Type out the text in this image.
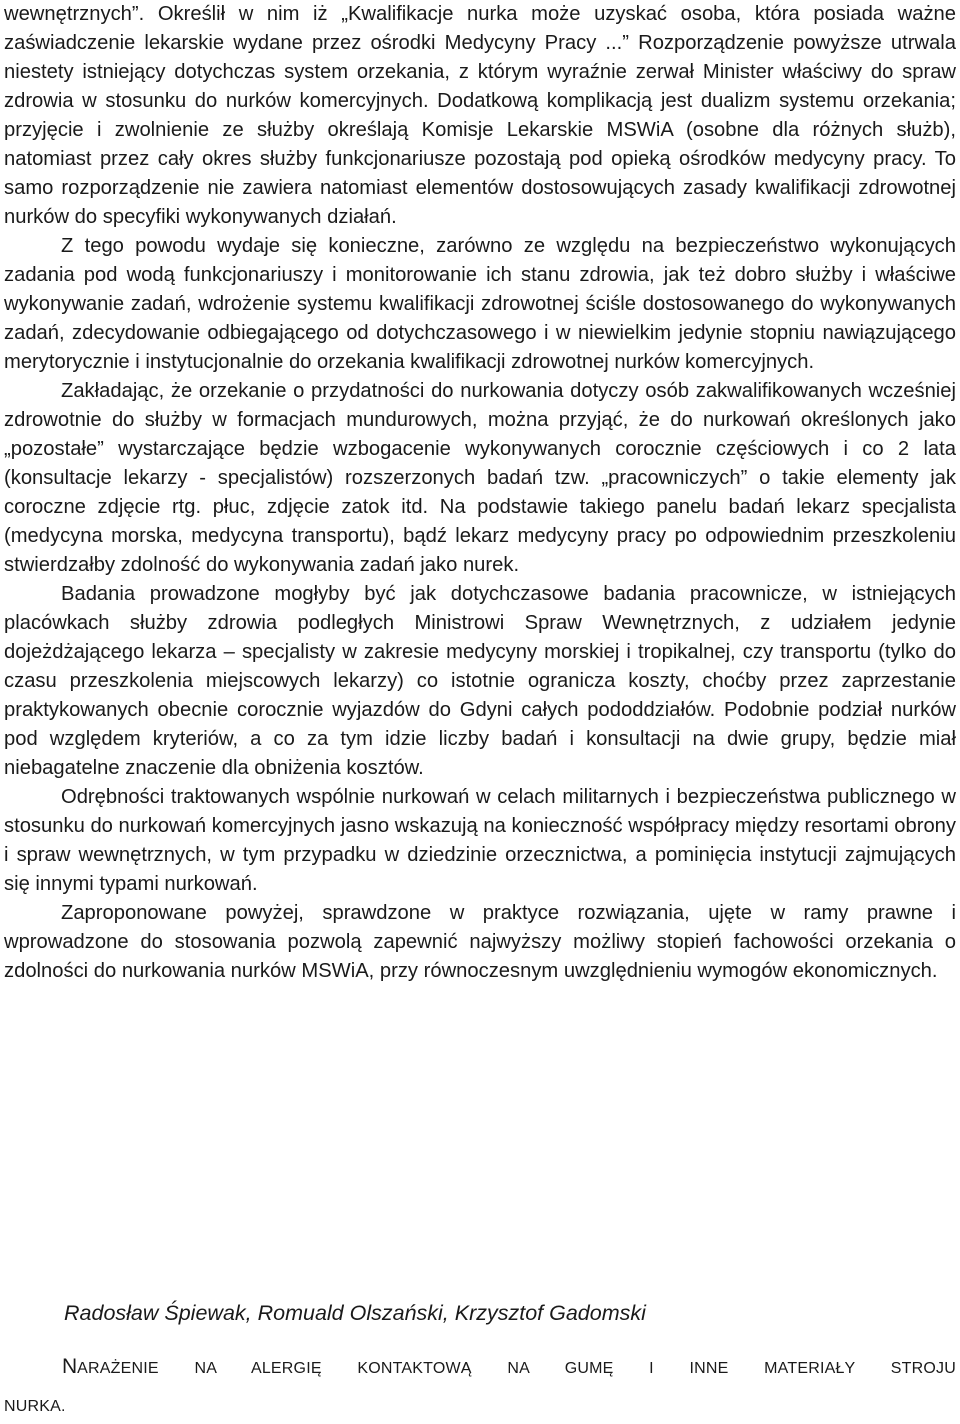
wewnętrznych”. Określił w nim iż „Kwalifikacje nurka może uzyskać osoba, która posiada ważne zaświadczenie lekarskie wydane przez ośrodki Medycyny Pracy ...” Rozporządzenie powyższe utrwala niestety istniejący dotychczas system orzekania, z którym wyraźnie zerwał Minister właściwy do spraw zdrowia w stosunku do nurków komercyjnych. Dodatkową komplikacją jest dualizm systemu orzekania; przyjęcie i zwolnienie ze służby określają Komisje Lekarskie MSWiA (osobne dla różnych służb), natomiast przez cały okres służby funkcjonariusze pozostają pod opieką ośrodków medycyny pracy. To samo rozporządzenie nie zawiera natomiast elementów dostosowujących zasady kwalifikacji zdrowotnej nurków do specyfiki wykonywanych działań.

Z tego powodu wydaje się konieczne, zarówno ze względu na bezpieczeństwo wykonujących zadania pod wodą funkcjonariuszy i monitorowanie ich stanu zdrowia, jak też dobro służby i właściwe wykonywanie zadań, wdrożenie systemu kwalifikacji zdrowotnej ściśle dostosowanego do wykonywanych zadań, zdecydowanie odbiegającego od dotychczasowego i w niewielkim jedynie stopniu nawiązującego merytorycznie i instytucjonalnie do orzekania kwalifikacji zdrowotnej nurków komercyjnych.

Zakładając, że orzekanie o przydatności do nurkowania dotyczy osób zakwalifikowanych wcześniej zdrowotnie do służby w formacjach mundurowych, można przyjąć, że do nurkowań określonych jako „pozostałe” wystarczające będzie wzbogacenie wykonywanych corocznie częściowych i co 2 lata (konsultacje lekarzy - specjalistów) rozszerzonych badań tzw. „pracowniczych” o takie elementy jak coroczne zdjęcie rtg. płuc, zdjęcie zatok itd. Na podstawie takiego panelu badań lekarz specjalista (medycyna morska, medycyna transportu), bądź lekarz medycyny pracy po odpowiednim przeszkoleniu stwierdzałby zdolność do wykonywania zadań jako nurek.

Badania prowadzone mogłyby być jak dotychczasowe badania pracownicze, w istniejących placówkach służby zdrowia podległych Ministrowi Spraw Wewnętrznych, z udziałem jedynie dojeżdżającego lekarza – specjalisty w zakresie medycyny morskiej i tropikalnej, czy transportu (tylko do czasu przeszkolenia miejscowych lekarzy) co istotnie ogranicza koszty, choćby przez zaprzestanie praktykowanych obecnie corocznie wyjazdów do Gdyni całych pododdziałów. Podobnie podział nurków pod względem kryteriów, a co za tym idzie liczby badań i konsultacji na dwie grupy, będzie miał niebagatelne znaczenie dla obniżenia kosztów.

Odrębności traktowanych wspólnie nurkowań w celach militarnych i bezpieczeństwa publicznego w stosunku do nurkowań komercyjnych jasno wskazują na konieczność współpracy między resortami obrony i spraw wewnętrznych, w tym przypadku w dziedzinie orzecznictwa, a pominięcia instytucji zajmujących się innymi typami nurkowań.

Zaproponowane powyżej, sprawdzone w praktyce rozwiązania, ujęte w ramy prawne i wprowadzone do stosowania pozwolą zapewnić najwyższy możliwy stopień fachowości orzekania o zdolności do nurkowania nurków MSWiA, przy równoczesnym uwzględnieniu wymogów ekonomicznych.

Radosław Śpiewak, Romuald Olszański, Krzysztof Gadomski

NARAŻENIE NA ALERGIĘ KONTAKTOWĄ NA GUMĘ I INNE MATERIAŁY STROJU
NURKA.
